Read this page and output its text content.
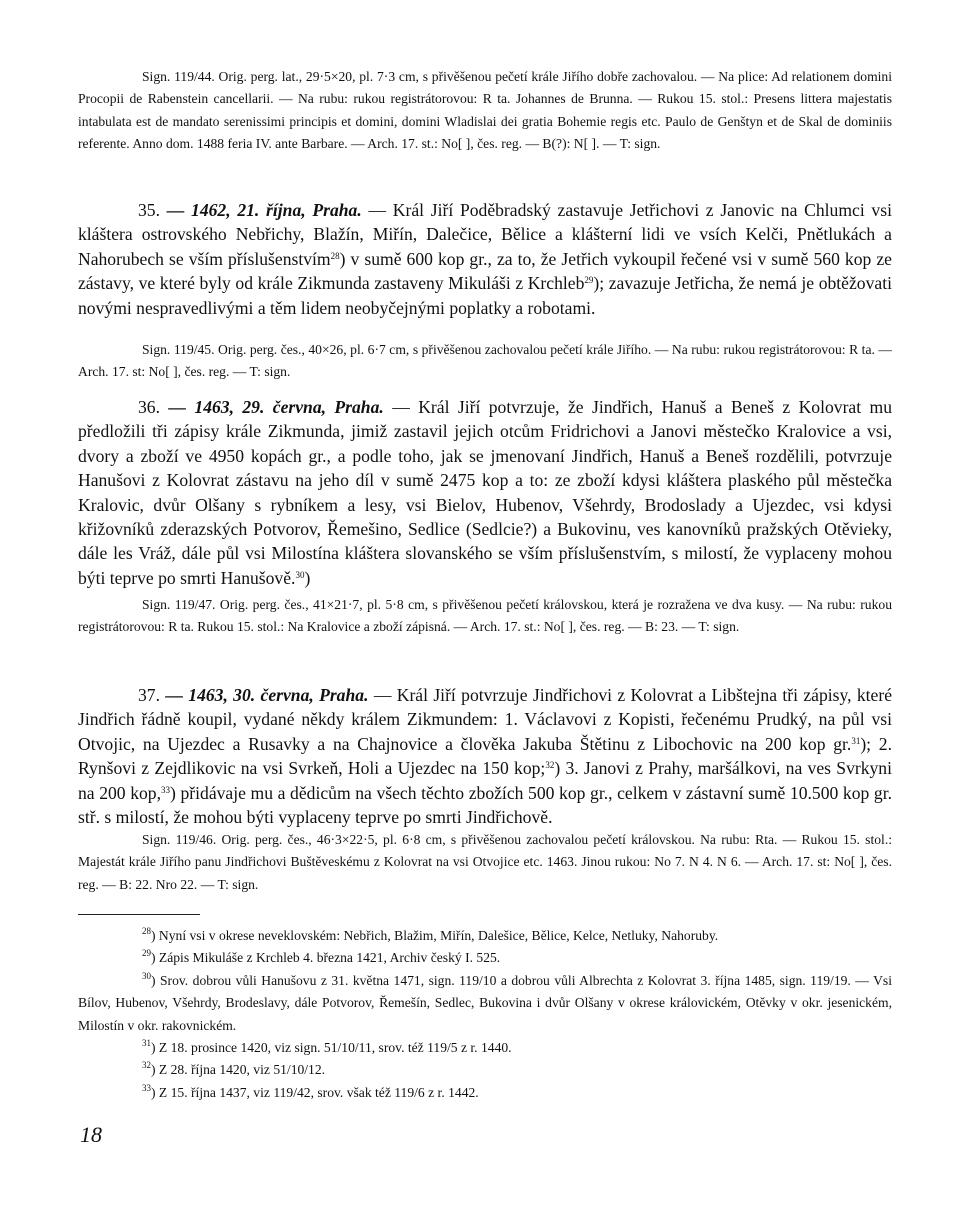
Sign. 119/44. Orig. perg. lat., 29·5×20, pl. 7·3 cm, s přivěšenou pečetí krále Jiřího dobře zachovalou. — Na plice: Ad relationem domini Procopii de Rabenstein cancellarii. — Na rubu: rukou registrátorovou: R ta. Johannes de Brunna. — Rukou 15. stol.: Presens littera majestatis intabulata est de mandato serenissimi principis et domini, domini Wladislai dei gratia Bohemie regis etc. Paulo de Genštyn et de Skal de dominiis referente. Anno dom. 1488 feria IV. ante Barbare. — Arch. 17. st.: No[ ], čes. reg. — B(?): N[ ]. — T: sign.
35. — 1462, 21. října, Praha. — Král Jiří Poděbradský zastavuje Jetřichovi z Janovic na Chlumci vsi kláštera ostrovského Nebřichy, Blažín, Miřín, Dalečice, Bělice a klášterní lidi ve vsích Kelči, Pnětlukách a Nahorubech se vším příslušenstvím$^{28}$) v sumě 600 kop gr., za to, že Jetřich vykoupil řečené vsi v sumě 560 kop ze zástavy, ve které byly od krále Zikmunda zastaveny Mikuláši z Krchleb$^{29}$); zavazuje Jetřicha, že nemá je obtěžovati novými nespravedlivými a těm lidem neobyčejnými poplatky a robotami.
Sign. 119/45. Orig. perg. čes., 40×26, pl. 6·7 cm, s přivěšenou zachovalou pečetí krále Jiřího. — Na rubu: rukou registrátorovou: R ta. — Arch. 17. st: No[ ], čes. reg. — T: sign.
36. — 1463, 29. června, Praha. — Král Jiří potvrzuje, že Jindřich, Hanuš a Beneš z Kolovrat mu předložili tři zápisy krále Zikmunda, jimiž zastavil jejich otcům Fridrichovi a Janovi městečko Kralovice a vsi, dvory a zboží ve 4950 kopách gr., a podle toho, jak se jmenovaní Jindřich, Hanuš a Beneš rozdělili, potvrzuje Hanušovi z Kolovrat zástavu na jeho díl v sumě 2475 kop a to: ze zboží kdysi kláštera plaského půl městečka Kralovic, dvůr Olšany s rybníkem a lesy, vsi Bielov, Hubenov, Všehrdy, Brodoslady a Ujezdec, vsi kdysi křižovníků zderazských Potvorov, Řemešino, Sedlice (Sedlcie?) a Bukovinu, ves kanovníků pražských Otěvieky, dále les Vráž, dále půl vsi Milostína kláštera slovanského se vším příslušenstvím, s milostí, že vyplaceny mohou býti teprve po smrti Hanušově.$^{30}$)
Sign. 119/47. Orig. perg. čes., 41×21·7, pl. 5·8 cm, s přivěšenou pečetí královskou, která je rozražena ve dva kusy. — Na rubu: rukou registrátorovou: R ta. Rukou 15. stol.: Na Kralovice a zboží zápisná. — Arch. 17. st.: No[ ], čes. reg. — B: 23. — T: sign.
37. — 1463, 30. června, Praha. — Král Jiří potvrzuje Jindřichovi z Kolovrat a Libštejna tři zápisy, které Jindřich řádně koupil, vydané někdy králem Zikmundem: 1. Václavovi z Kopisti, řečenému Prudký, na půl vsi Otvojic, na Ujezdec a Rusavky a na Chajnovice a člověka Jakuba Štětinu z Libochovic na 200 kop gr.$^{31}$); 2. Rynšovi z Zejdlikovic na vsi Svrkeň, Holi a Ujezdec na 150 kop;$^{32}$) 3. Janovi z Prahy, maršálkovi, na ves Svrkyni na 200 kop,$^{33}$) přidávaje mu a dědicům na všech těchto zbožích 500 kop gr., celkem v zástavní sumě 10.500 kop gr. stř. s milostí, že mohou býti vyplaceny teprve po smrti Jindřichově.
Sign. 119/46. Orig. perg. čes., 46·3×22·5, pl. 6·8 cm, s přivěšenou zachovalou pečetí královskou. Na rubu: Rta. — Rukou 15. stol.: Majestát krále Jiřího panu Jindřichovi Buštěveskému z Kolovrat na vsi Otvojice etc. 1463. Jinou rukou: No 7. N 4. N 6. — Arch. 17. st: No[ ], čes. reg. — B: 22. Nro 22. — T: sign.
$^{28}$) Nyní vsi v okrese neveklovském: Nebřich, Blažim, Miřín, Dalešice, Bělice, Kelce, Netluky, Nahoruby.
$^{29}$) Zápis Mikuláše z Krchleb 4. března 1421, Archiv český I. 525.
$^{30}$) Srov. dobrou vůli Hanušovu z 31. května 1471, sign. 119/10 a dobrou vůli Albrechta z Kolovrat 3. října 1485, sign. 119/19. — Vsi Bílov, Hubenov, Všehrdy, Brodeslavy, dále Potvorov, Řemešín, Sedlec, Bukovina i dvůr Olšany v okrese královickém, Otěvky v okr. jesenickém, Milostín v okr. rakovnickém.
$^{31}$) Z 18. prosince 1420, viz sign. 51/10/11, srov. též 119/5 z r. 1440.
$^{32}$) Z 28. října 1420, viz 51/10/12.
$^{33}$) Z 15. října 1437, viz 119/42, srov. však též 119/6 z r. 1442.
18
